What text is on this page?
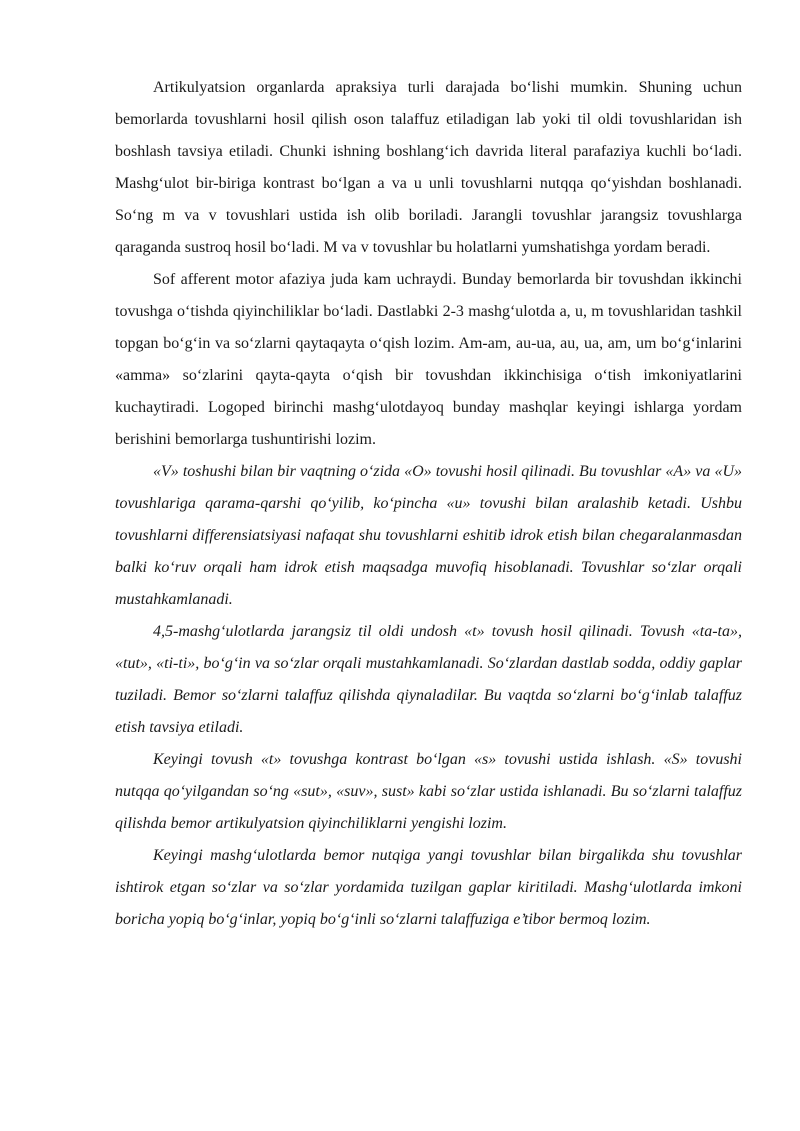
Artikulyatsion organlarda apraksiya turli darajada bo‘lishi mumkin. Shuning uchun bemorlarda tovushlarni hosil qilish oson talaffuz etiladigan lab yoki til oldi tovushlaridan ish boshlash tavsiya etiladi. Chunki ishning boshlang‘ich davrida literal parafaziya kuchli bo‘ladi. Mashg‘ulot bir-biriga kontrast bo‘lgan a va u unli tovushlarni nutqqa qo‘yishdan boshlanadi. So‘ng m va v tovushlari ustida ish olib boriladi. Jarangli tovushlar jarangsiz tovushlarga qaraganda sustroq hosil bo‘ladi. M va v tovushlar bu holatlarni yumshatishga yordam beradi.

Sof afferent motor afaziya juda kam uchraydi. Bunday bemorlarda bir tovushdan ikkinchi tovushga o‘tishda qiyinchiliklar bo‘ladi. Dastlabki 2-3 mashg‘ulotda a, u, m tovushlaridan tashkil topgan bo‘g‘in va so‘zlarni qaytaqayta o‘qish lozim. Am-am, au-ua, au, ua, am, um bo‘g‘inlarini «amma» so‘zlarini qayta-qayta o‘qish bir tovushdan ikkinchisiga o‘tish imkoniyatlarini kuchaytiradi. Logoped birinchi mashg‘ulotdayoq bunday mashqlar keyingi ishlarga yordam berishini bemorlarga tushuntirishi lozim.

«V» toshushi bilan bir vaqtning o‘zida «O» tovushi hosil qilinadi. Bu tovushlar «A» va «U» tovushlariga qarama-qarshi qo‘yilib, ko‘pincha «u» tovushi bilan aralashib ketadi. Ushbu tovushlarni differensiatsiyasi nafaqat shu tovushlarni eshitib idrok etish bilan chegaralanmasdan balki ko‘ruv orqali ham idrok etish maqsadga muvofiq hisoblanadi. Tovushlar so‘zlar orqali mustahkamlanadi.

4,5-mashg‘ulotlarda jarangsiz til oldi undosh «t» tovush hosil qilinadi. Tovush «ta-ta», «tut», «ti-ti», bo‘g‘in va so‘zlar orqali mustahkamlanadi. So‘zlardan dastlab sodda, oddiy gaplar tuziladi. Bemor so‘zlarni talaffuz qilishda qiynaladilar. Bu vaqtda so‘zlarni bo‘g‘inlab talaffuz etish tavsiya etiladi.

Keyingi tovush «t» tovushga kontrast bo‘lgan «s» tovushi ustida ishlash. «S» tovushi nutqqa qo‘yilgandan so‘ng «sut», «suv», sust» kabi so‘zlar ustida ishlanadi. Bu so‘zlarni talaffuz qilishda bemor artikulyatsion qiyinchiliklarni yengishi lozim.

Keyingi mashg‘ulotlarda bemor nutqiga yangi tovushlar bilan birgalikda shu tovushlar ishtirok etgan so‘zlar va so‘zlar yordamida tuzilgan gaplar kiritiladi. Mashg‘ulotlarda imkoni boricha yopiq bo‘g‘inlar, yopiq bo‘g‘inli so‘zlarni talaffuziga e’tibor bermoq lozim.
